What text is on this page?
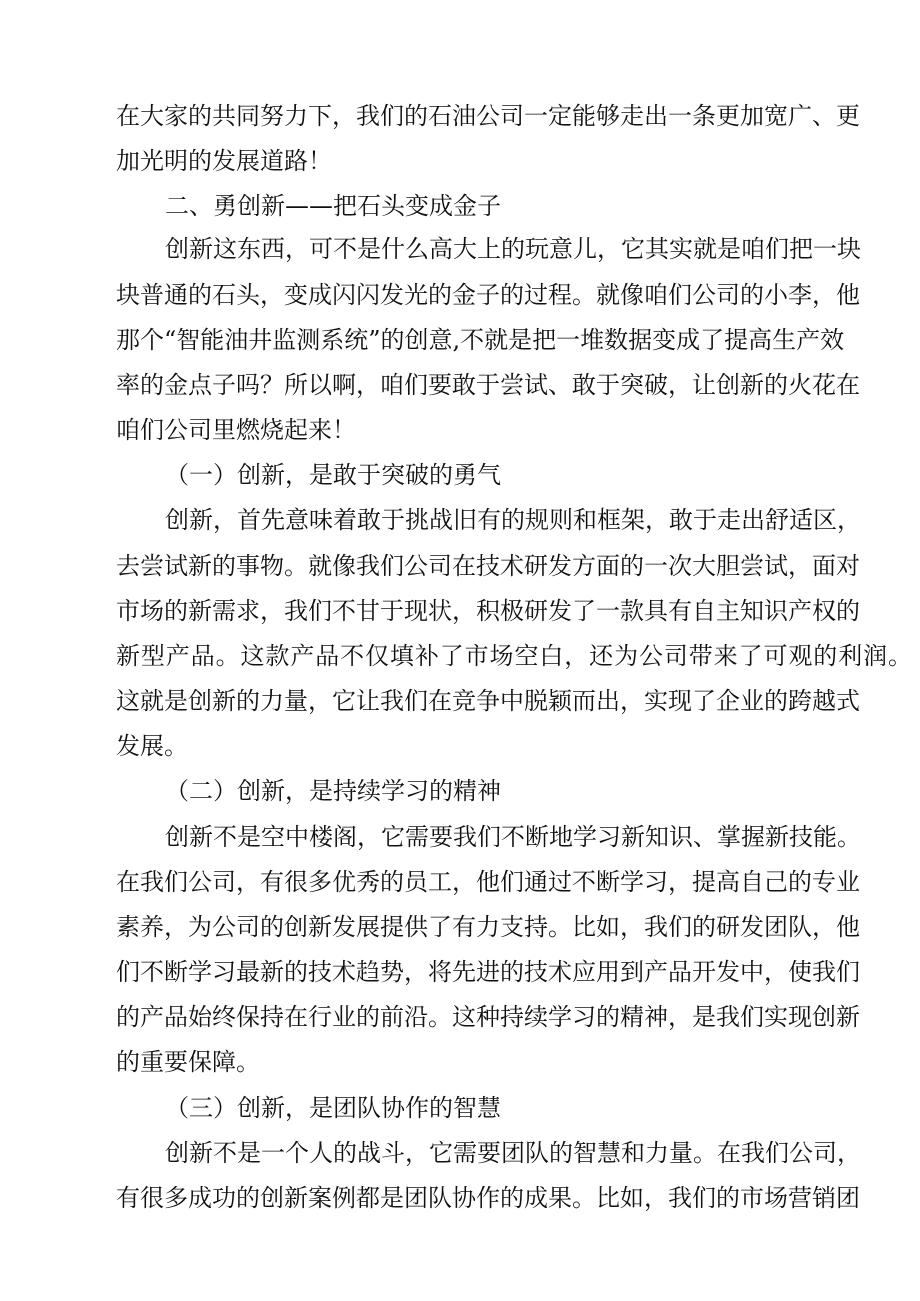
在大家的共同努力下，我们的石油公司一定能够走出一条更加宽广、更
加光明的发展道路！
二、勇创新——把石头变成金子
创新这东西，可不是什么高大上的玩意儿，它其实就是咱们把一块
块普通的石头，变成闪闪发光的金子的过程。就像咱们公司的小李，他
那个“智能油井监测系统”的创意,不就是把一堆数据变成了提高生产效
率的金点子吗？所以啊，咱们要敢于尝试、敢于突破，让创新的火花在
咱们公司里燃烧起来！
（一）创新，是敢于突破的勇气
创新，首先意味着敢于挑战旧有的规则和框架，敢于走出舒适区，
去尝试新的事物。就像我们公司在技术研发方面的一次大胆尝试，面对
市场的新需求，我们不甘于现状，积极研发了一款具有自主知识产权的
新型产品。这款产品不仅填补了市场空白，还为公司带来了可观的利润。
这就是创新的力量，它让我们在竞争中脱颖而出，实现了企业的跨越式
发展。
（二）创新，是持续学习的精神
创新不是空中楼阁，它需要我们不断地学习新知识、掌握新技能。
在我们公司，有很多优秀的员工，他们通过不断学习，提高自己的专业
素养，为公司的创新发展提供了有力支持。比如，我们的研发团队，他
们不断学习最新的技术趋势，将先进的技术应用到产品开发中，使我们
的产品始终保持在行业的前沿。这种持续学习的精神，是我们实现创新
的重要保障。
（三）创新，是团队协作的智慧
创新不是一个人的战斗，它需要团队的智慧和力量。在我们公司，
有很多成功的创新案例都是团队协作的成果。比如，我们的市场营销团
